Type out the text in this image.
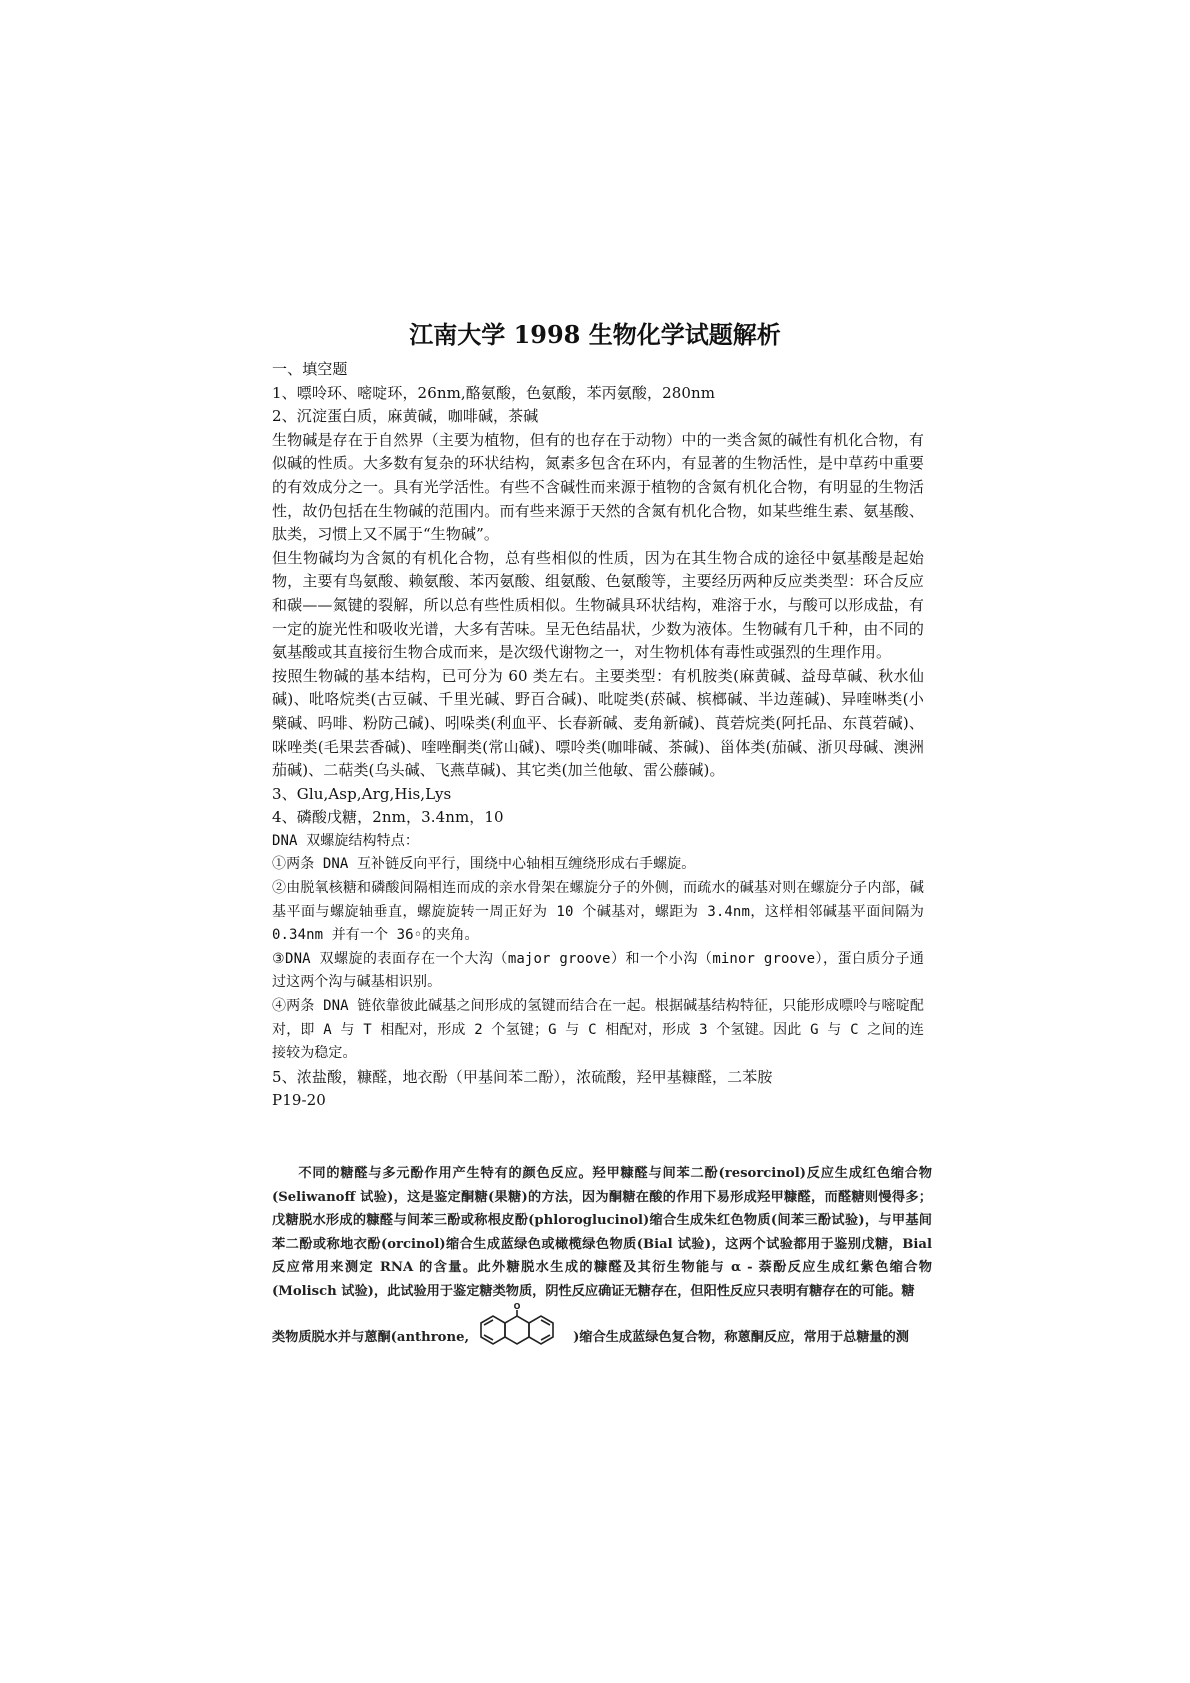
江南大学 1998 生物化学试题解析

一、填空题

1、嘌呤环、嘧啶环，26nm,酪氨酸，色氨酸，苯丙氨酸，280nm

2、沉淀蛋白质，麻黄碱，咖啡碱，茶碱

生物碱是存在于自然界（主要为植物，但有的也存在于动物）中的一类含氮的碱性有机化合物，有似碱的性质。大多数有复杂的环状结构，氮素多包含在环内，有显著的生物活性，是中草药中重要的有效成分之一。具有光学活性。有些不含碱性而来源于植物的含氮有机化合物，有明显的生物活性，故仍包括在生物碱的范围内。而有些来源于天然的含氮有机化合物，如某些维生素、氨基酸、肽类，习惯上又不属于“生物碱”。

但生物碱均为含氮的有机化合物，总有些相似的性质，因为在其生物合成的途径中氨基酸是起始物，主要有鸟氨酸、赖氨酸、苯丙氨酸、组氨酸、色氨酸等，主要经历两种反应类类型：环合反应和碳——氮键的裂解，所以总有些性质相似。生物碱具环状结构，难溶于水，与酸可以形成盐，有一定的旋光性和吸收光谱，大多有苦味。呈无色结晶状，少数为液体。生物碱有几千种，由不同的氨基酸或其直接衍生物合成而来，是次级代谢物之一，对生物机体有毒性或强烈的生理作用。

按照生物碱的基本结构，已可分为 60 类左右。主要类型：有机胺类(麻黄碱、益母草碱、秋水仙碱)、吡咯烷类(古豆碱、千里光碱、野百合碱)、吡啶类(菸碱、槟榔碱、半边莲碱)、异喹啉类(小檗碱、吗啡、粉防己碱)、吲哚类(利血平、长春新碱、麦角新碱)、莨菪烷类(阿托品、东莨菪碱)、咪唑类(毛果芸香碱)、喹唑酮类(常山碱)、嘌呤类(咖啡碱、茶碱)、甾体类(茄碱、浙贝母碱、澳洲茄碱)、二萜类(乌头碱、飞燕草碱)、其它类(加兰他敏、雷公藤碱)。

3、Glu,Asp,Arg,His,Lys

4、磷酸戊糖，2nm，3.4nm，10

DNA 双螺旋结构特点：

①两条 DNA 互补链反向平行，围绕中心轴相互缠绕形成右手螺旋。

②由脱氧核糖和磷酸间隔相连而成的亲水骨架在螺旋分子的外侧，而疏水的碱基对则在螺旋分子内部，碱基平面与螺旋轴垂直，螺旋旋转一周正好为 10 个碱基对，螺距为 3.4nm，这样相邻碱基平面间隔为 0.34nm 并有一个 36◦的夹角。

③DNA 双螺旋的表面存在一个大沟（major groove）和一个小沟（minor groove），蛋白质分子通过这两个沟与碱基相识别。

④两条 DNA 链依靠彼此碱基之间形成的氢键而结合在一起。根据碱基结构特征，只能形成嘌呤与嘧啶配对，即 A 与 T 相配对，形成 2 个氢键；G 与 C 相配对，形成 3 个氢键。因此 G 与 C 之间的连接较为稳定。

5、浓盐酸，糠醛，地衣酚（甲基间苯二酚），浓硫酸，羟甲基糠醛，二苯胺

P19-20

不同的糖醛与多元酚作用产生特有的颜色反应。羟甲糠醛与间苯二酚(resorcinol)反应生成红色缩合物(Seliwanoff 试验)，这是鉴定酮糖(果糖)的方法，因为酮糖在酸的作用下易形成羟甲糠醛，而醛糖则慢得多；戊糖脱水形成的糠醛与间苯三酚或称根皮酚(phloroglucinol)缩合生成朱红色物质(间苯三酚试验)，与甲基间苯二酚或称地衣酚(orcinol)缩合生成蓝绿色或橄榄绿色物质(Bial 试验)，这两个试验都用于鉴别戊糖，Bial 反应常用来测定 RNA 的含量。此外糖脱水生成的糠醛及其衍生物能与 α - 萘酚反应生成红紫色缩合物(Molisch 试验)，此试验用于鉴定糖类物质，阴性反应确证无糖存在，但阳性反应只表明有糖存在的可能。糖

类物质脱水并与蒽酮(anthrone,
O
)缩合生成蓝绿色复合物，称蒽酮反应，常用于总糖量的测
